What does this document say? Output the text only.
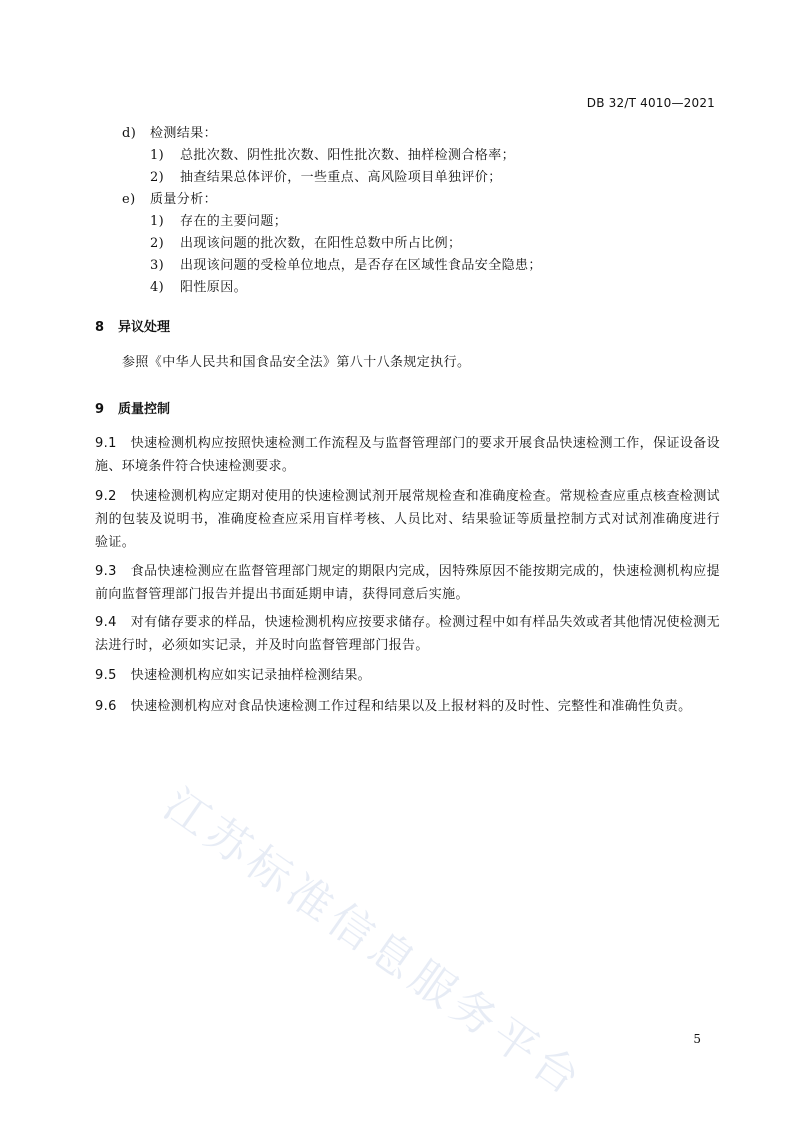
DB 32/T 4010—2021
d) 检测结果：
1) 总批次数、阴性批次数、阳性批次数、抽样检测合格率；
2) 抽查结果总体评价，一些重点、高风险项目单独评价；
e) 质量分析：
1) 存在的主要问题；
2) 出现该问题的批次数，在阳性总数中所占比例；
3) 出现该问题的受检单位地点，是否存在区域性食品安全隐患；
4) 阳性原因。
8 异议处理
参照《中华人民共和国食品安全法》第八十八条规定执行。
9 质量控制
9.1 快速检测机构应按照快速检测工作流程及与监督管理部门的要求开展食品快速检测工作，保证设备设施、环境条件符合快速检测要求。
9.2 快速检测机构应定期对使用的快速检测试剂开展常规检查和准确度检查。常规检查应重点核查检测试剂的包装及说明书，准确度检查应采用盲样考核、人员比对、结果验证等质量控制方式对试剂准确度进行验证。
9.3 食品快速检测应在监督管理部门规定的期限内完成，因特殊原因不能按期完成的，快速检测机构应提前向监督管理部门报告并提出书面延期申请，获得同意后实施。
9.4 对有储存要求的样品，快速检测机构应按要求储存。检测过程中如有样品失效或者其他情况使检测无法进行时，必须如实记录，并及时向监督管理部门报告。
9.5 快速检测机构应如实记录抽样检测结果。
9.6 快速检测机构应对食品快速检测工作过程和结果以及上报材料的及时性、完整性和准确性负责。
江苏标准信息服务平台	5
